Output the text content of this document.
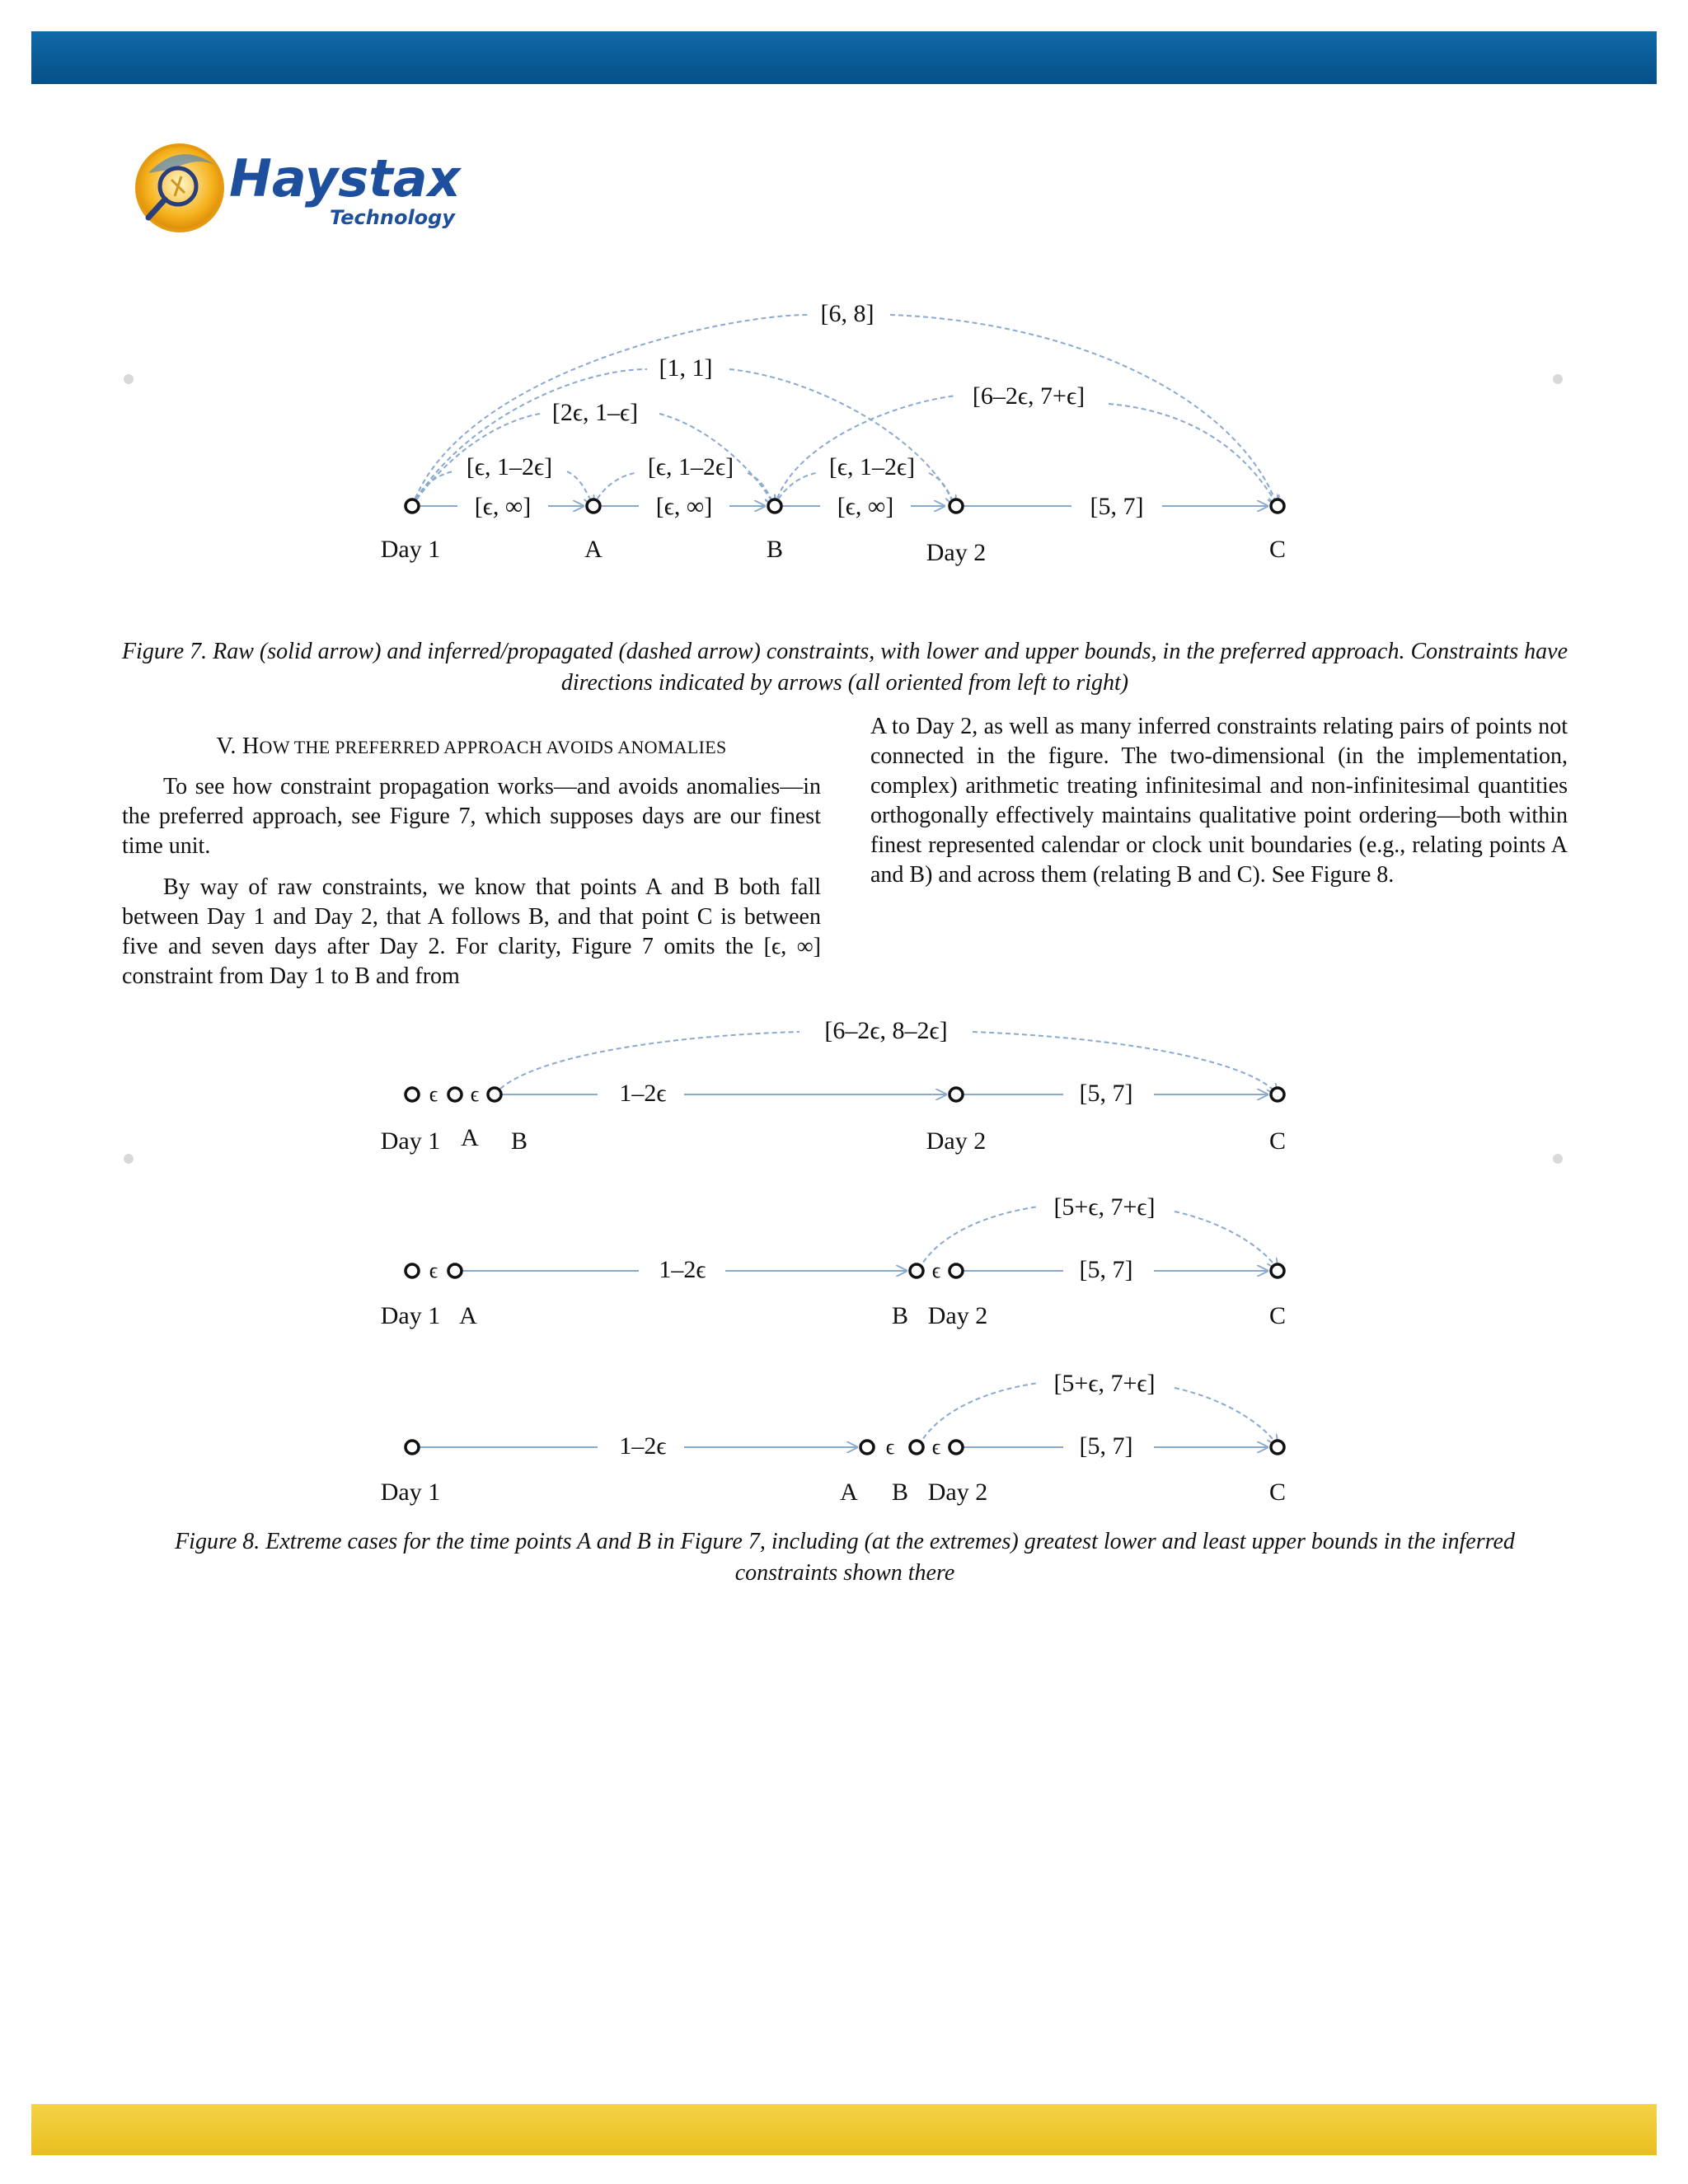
Haystax
Technology
[6, 8]
[1, 1]
[6–2ϵ, 7+ϵ]
[2ϵ, 1–ϵ]
[ϵ, 1–2ϵ]	[ϵ, 1–2ϵ]	[ϵ, 1–2ϵ]
[ϵ, ∞]	[ϵ, ∞]	[ϵ, ∞]	[5, 7]
Day 1	A	B	Day 2	C
Figure 7. Raw (solid arrow) and inferred/propagated (dashed arrow) constraints, with lower and upper bounds, in the preferred approach. Constraints have directions indicated by arrows (all oriented from left to right)
V. HOW THE PREFERRED APPROACH AVOIDS ANOMALIES

To see how constraint propagation works—and avoids anomalies—in the preferred approach, see Figure 7, which supposes days are our finest time unit.

By way of raw constraints, we know that points A and B both fall between Day 1 and Day 2, that A follows B, and that point C is between five and seven days after Day 2. For clarity, Figure 7 omits the [ϵ, ∞] constraint from Day 1 to B and from

A to Day 2, as well as many inferred constraints relating pairs of points not connected in the figure. The two-dimensional (in the implementation, complex) arithmetic treating infinitesimal and non-infinitesimal quantities orthogonally effectively maintains qualitative point ordering—both within finest represented calendar or clock unit boundaries (e.g., relating points A and B) and across them (relating B and C). See Figure 8.

[6–2ϵ, 8–2ϵ]
ϵ ϵ	1–2ϵ	[5, 7]
Day 1 A B	Day 2	C
[5+ϵ, 7+ϵ]
ϵ	ϵ
1–2ϵ	[5, 7]
Day 1 A	B Day 2	C
[5+ϵ, 7+ϵ]
ϵ ϵ
1–2ϵ	[5, 7]
Day 1	A B Day 2	C
Figure 8. Extreme cases for the time points A and B in Figure 7, including (at the extremes) greatest lower and least upper bounds in the inferred constraints shown there
